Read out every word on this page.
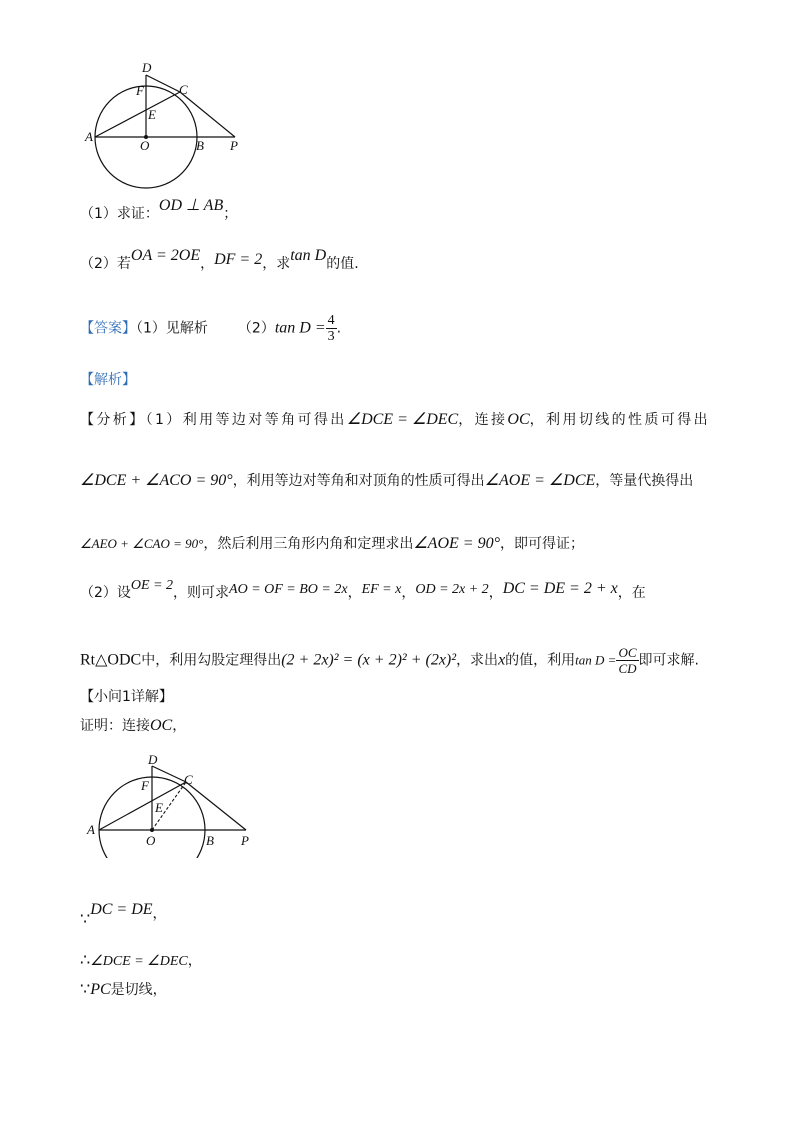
D
F	C
E
A
O	B P
（1）求证：OD ⊥ AB；
（2）若OA = 2OE，DF = 2，求tan D的值.
【答案】（1）见解析 （2）tan $D = \frac{4}{3}$ .
【解析】
【分析】（1）利用等边对等角可得出∠DCE = ∠DEC，连接OC，利用切线的性质可得出
∠DCE + ∠ACO = 90°，利用等边对等角和对顶角的性质可得出∠AOE = ∠DCE，等量代换得出
∠AEO + ∠CAO = 90°，然后利用三角形内角和定理求出∠AOE = 90°，即可得证；
（2）设OE = 2，则可求AO = OF = BO = 2x，EF = x，OD = 2x + 2，DC = DE = 2 + x，在
Rt△ODC中，利用勾股定理得出(2 + 2x)² = (x + 2)² + (2x)²，求出x的值，利用$\tan D = \frac{OC}{CD}$ 即可求解.
【小问1详解】
证明：连接OC，
D
F	C
E
A
O	B P
∵DC = DE，
∴∠DCE = ∠DEC，
∵PC是切线，
